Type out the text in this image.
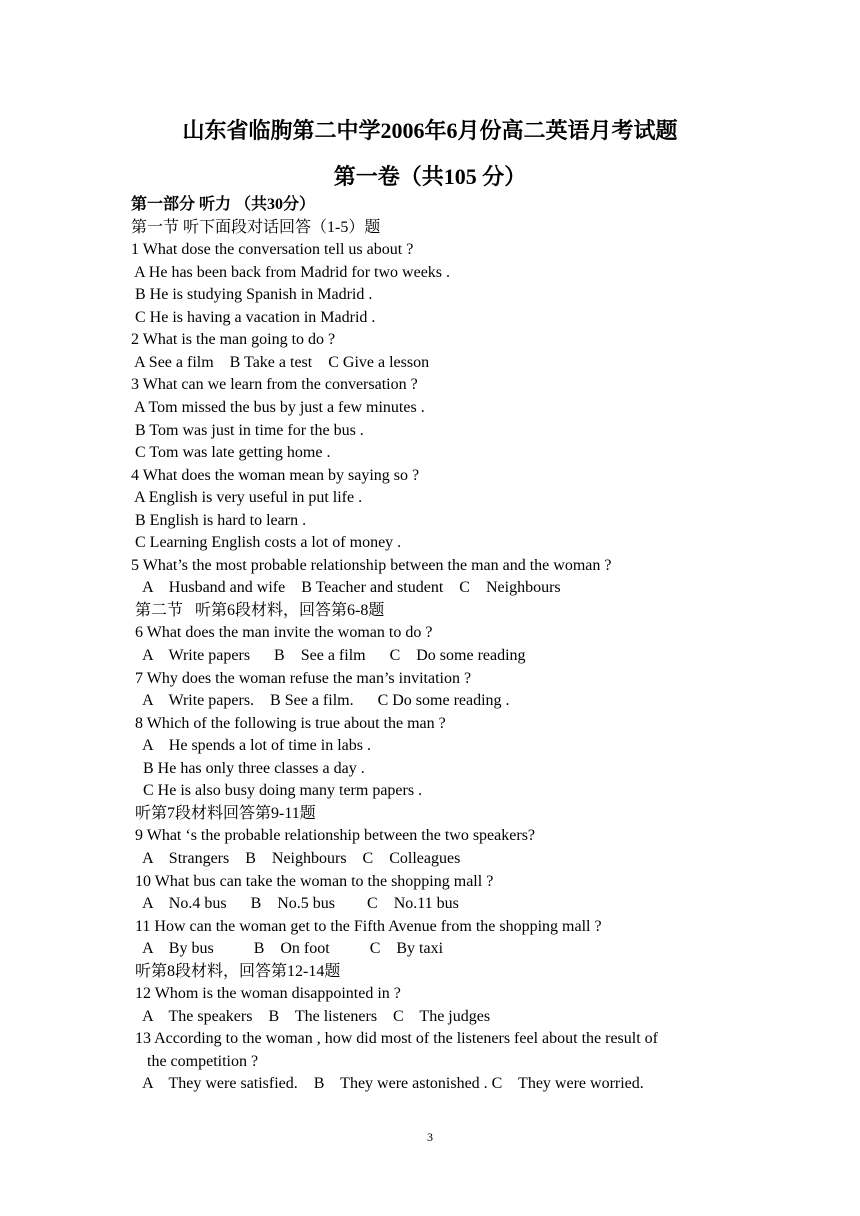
山东省临朐第二中学2006年6月份高二英语月考试题
第一卷（共105 分）
第一部分 听力 （共30分）
第一节 听下面段对话回答（1-5）题
1 What dose the conversation tell us about ?
A He has been back from Madrid for two weeks .
B He is studying Spanish in Madrid .
C He is having a vacation in Madrid .
2 What is the man going to do ?
A See a film    B Take a test    C Give a lesson
3 What can we learn from the conversation ?
A Tom missed the bus by just a few minutes .
B Tom was just in time for the bus .
C Tom was late getting home .
4 What does the woman mean by saying so ?
A English is very useful in put life .
B English is hard to learn .
C Learning English costs a lot of money .
5 What’s the most probable relationship between the man and the woman ?
A    Husband and wife    B Teacher and student    C    Neighbours
第二节   听第6段材料，回答第6-8题
6 What does the man invite the woman to do ?
A    Write papers      B    See a film      C    Do some reading
7 Why does the woman refuse the man’s invitation ?
A    Write papers.    B See a film.      C Do some reading .
8 Which of the following is true about the man ?
A    He spends a lot of time in labs .
B He has only three classes a day .
C He is also busy doing many term papers .
听第7段材料回答第9-11题
9 What ‘s the probable relationship between the two speakers?
A    Strangers    B    Neighbours    C    Colleagues
10 What bus can take the woman to the shopping mall ?
A    No.4 bus      B    No.5 bus        C    No.11 bus
11 How can the woman get to the Fifth Avenue from the shopping mall ?
A    By bus          B    On foot          C    By taxi
听第8段材料，回答第12-14题
12 Whom is the woman disappointed in ?
A    The speakers    B    The listeners    C    The judges
13 According to the woman , how did most of the listeners feel about the result of
the competition ?
A    They were satisfied.    B    They were astonished . C    They were worried.
3
